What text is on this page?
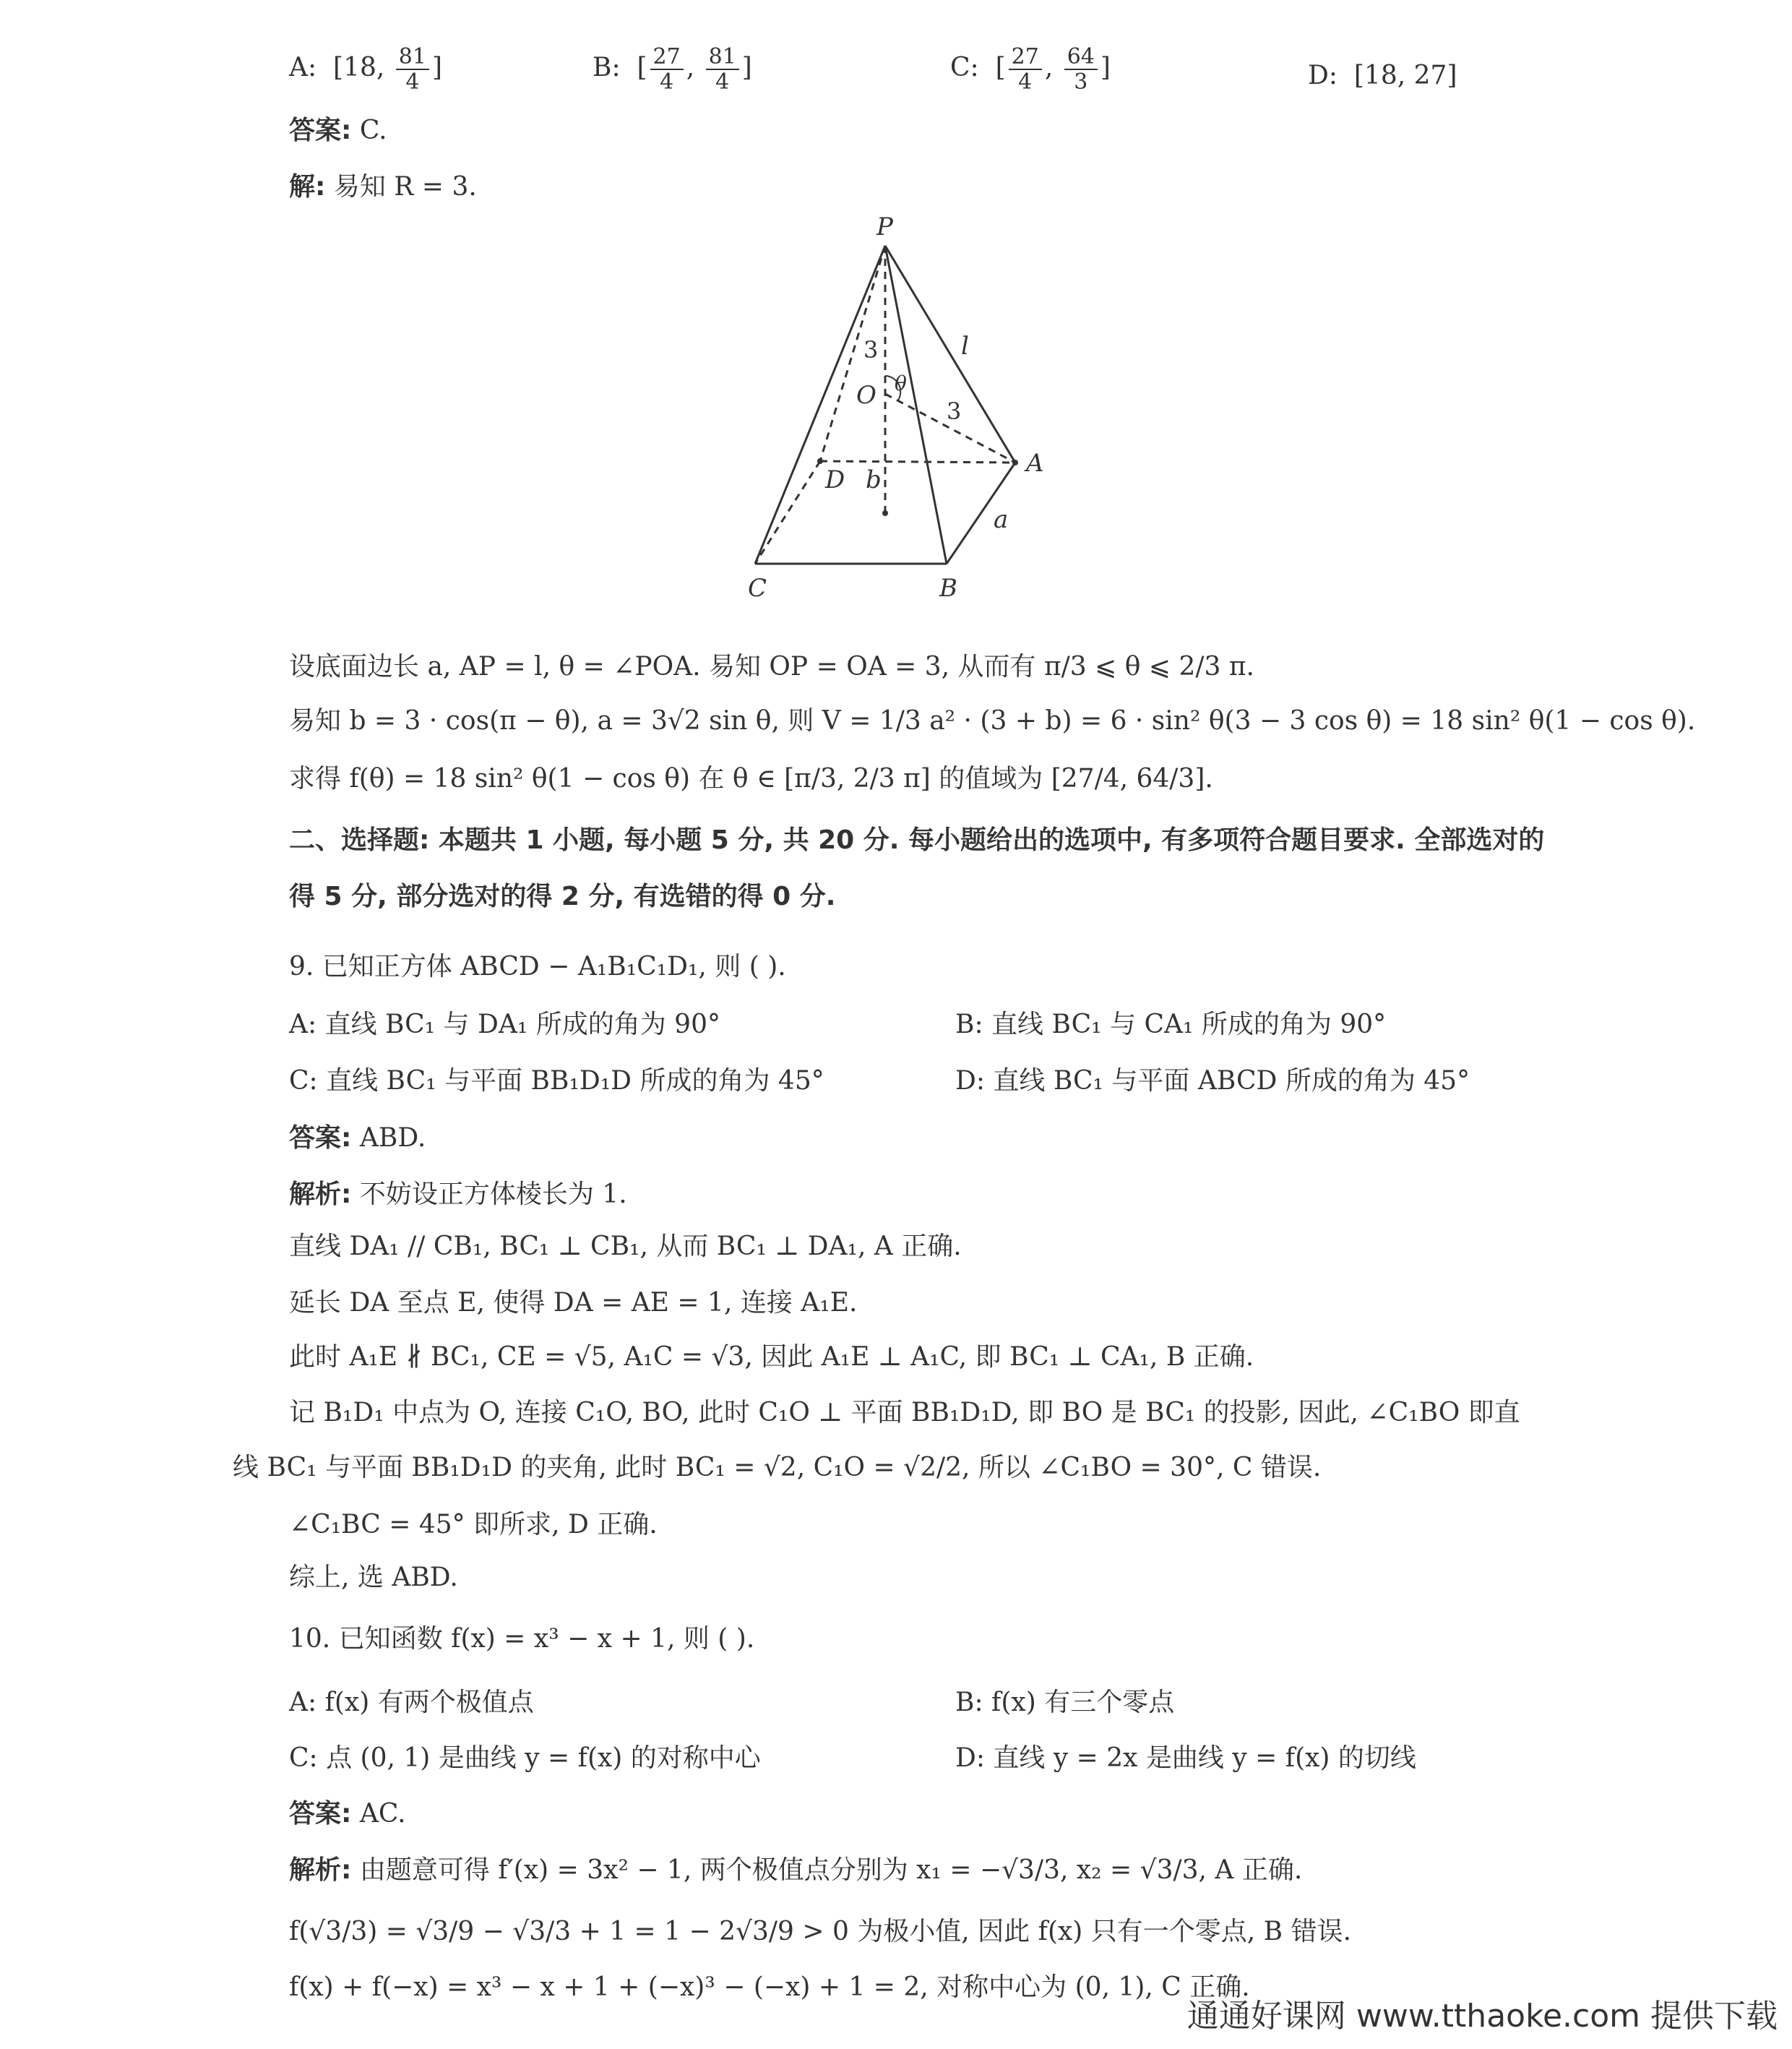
A: [18, $\frac{81}{4}$ ]	B: [ $\frac{27}{4}$ , $\frac{81}{4}$ ]	C: [ $\frac{27}{4}$ , $\frac{64}{3}$ ]	D: [18, 27]
答案: C.
解: 易知 R = 3.
P
O
A
B
C
D
l
a
b
θ
3
3
设底面边长 a, AP = l, θ = ∠POA. 易知 OP = OA = 3, 从而有 π/3 ⩽ θ ⩽ 2/3 π.
易知 b = 3 · cos(π − θ), a = 3√2 sin θ, 则 V = 1/3 a² · (3 + b) = 6 · sin² θ(3 − 3 cos θ) = 18 sin² θ(1 − cos θ).
求得 f(θ) = 18 sin² θ(1 − cos θ) 在 θ ∈ [π/3, 2/3 π] 的值域为 [27/4, 64/3].
二、选择题: 本题共 1 小题, 每小题 5 分, 共 20 分. 每小题给出的选项中, 有多项符合题目要求. 全部选对的
得 5 分, 部分选对的得 2 分, 有选错的得 0 分.
9. 已知正方体 ABCD − A₁B₁C₁D₁, 则 ( ).
A: 直线 BC₁ 与 DA₁ 所成的角为 90°	B: 直线 BC₁ 与 CA₁ 所成的角为 90°
C: 直线 BC₁ 与平面 BB₁D₁D 所成的角为 45°	D: 直线 BC₁ 与平面 ABCD 所成的角为 45°
答案: ABD.
解析: 不妨设正方体棱长为 1.
直线 DA₁ // CB₁, BC₁ ⊥ CB₁, 从而 BC₁ ⊥ DA₁, A 正确.
延长 DA 至点 E, 使得 DA = AE = 1, 连接 A₁E.
此时 A₁E ∦ BC₁, CE = √5, A₁C = √3, 因此 A₁E ⊥ A₁C, 即 BC₁ ⊥ CA₁, B 正确.
记 B₁D₁ 中点为 O, 连接 C₁O, BO, 此时 C₁O ⊥ 平面 BB₁D₁D, 即 BO 是 BC₁ 的投影, 因此, ∠C₁BO 即直
线 BC₁ 与平面 BB₁D₁D 的夹角, 此时 BC₁ = √2, C₁O = √2/2, 所以 ∠C₁BO = 30°, C 错误.
∠C₁BC = 45° 即所求, D 正确.
综上, 选 ABD.
10. 已知函数 f(x) = x³ − x + 1, 则 ( ).
A: f(x) 有两个极值点	B: f(x) 有三个零点
C: 点 (0, 1) 是曲线 y = f(x) 的对称中心	D: 直线 y = 2x 是曲线 y = f(x) 的切线
答案: AC.
解析: 由题意可得 f′(x) = 3x² − 1, 两个极值点分别为 x₁ = −√3/3, x₂ = √3/3, A 正确.
f(√3/3) = √3/9 − √3/3 + 1 = 1 − 2√3/9 > 0 为极小值, 因此 f(x) 只有一个零点, B 错误.
f(x) + f(−x) = x³ − x + 1 + (−x)³ − (−x) + 1 = 2, 对称中心为 (0, 1), C 正确.
通通好课网 www.tthaoke.com 提供下载
